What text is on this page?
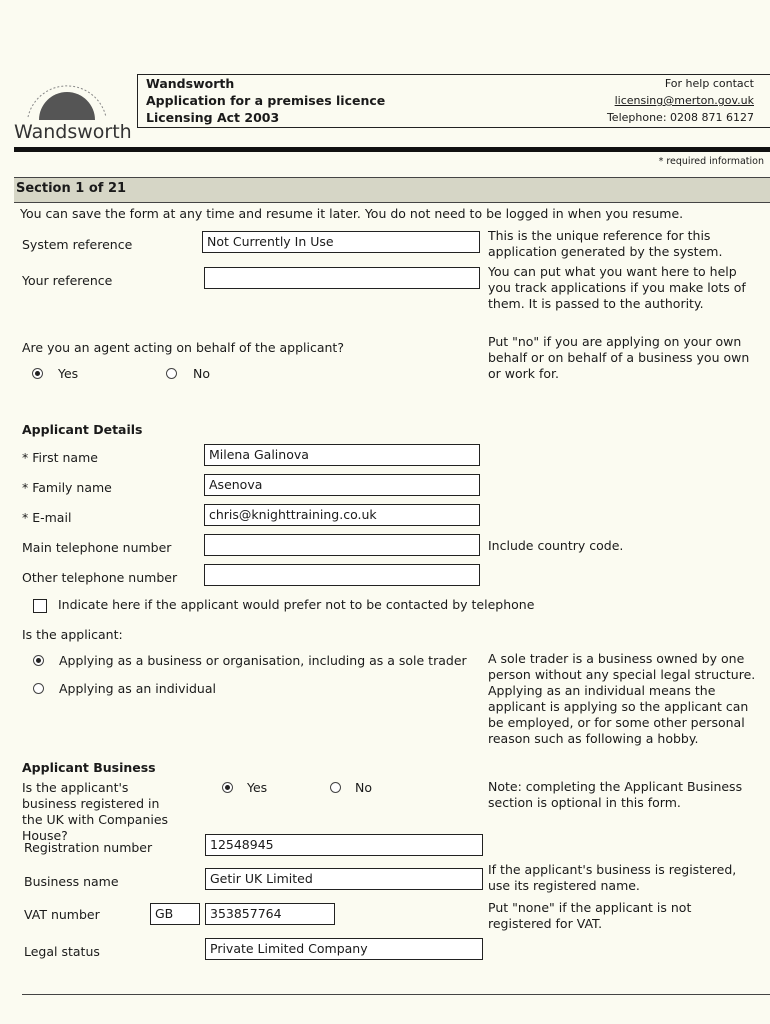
Wandsworth
Wandsworth
Application for a premises licence
Licensing Act 2003
For help contact
licensing@merton.gov.uk
Telephone: 0208 871 6127
* required information
Section 1 of 21
You can save the form at any time and resume it later. You do not need to be logged in when you resume.
System reference	Not Currently In Use	This is the unique reference for this application generated by the system.
Your reference
You can put what you want here to help you track applications if you make lots of them. It is passed to the authority.
Are you an agent acting on behalf of the applicant?	Put "no" if you are applying on your own behalf or on behalf of a business you own or work for.
Yes	No
Applicant Details
* First name	Milena Galinova
* Family name	Asenova
* E-mail	chris@knighttraining.co.uk
Main telephone number	Include country code.
Other telephone number
Indicate here if the applicant would prefer not to be contacted by telephone
Is the applicant:
Applying as a business or organisation, including as a sole trader
Applying as an individual
A sole trader is a business owned by one person without any special legal structure. Applying as an individual means the applicant is applying so the applicant can be employed, or for some other personal reason such as following a hobby.
Applicant Business
Is the applicant's business registered in the UK with Companies House?
Yes	No	Note: completing the Applicant Business section is optional in this form.
Registration number	12548945
Business name	Getir UK Limited
If the applicant's business is registered, use its registered name.
VAT number	GB	353857764	Put "none" if the applicant is not registered for VAT.
Legal status	Private Limited Company
